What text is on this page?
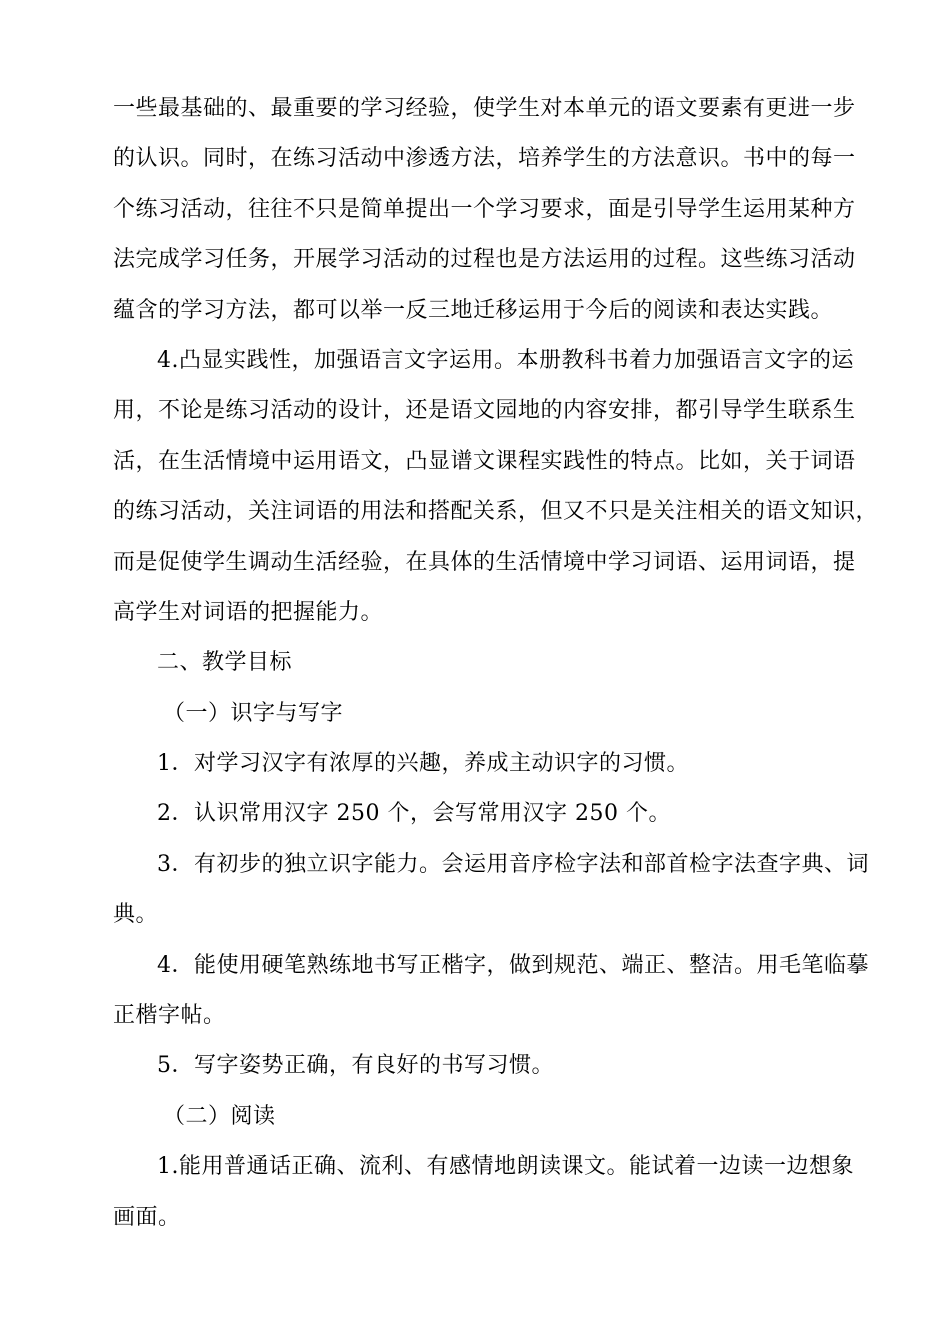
一些最基础的、最重要的学习经验，使学生对本单元的语文要素有更进一步
的认识。同时，在练习活动中渗透方法，培养学生的方法意识。书中的每一
个练习活动，往往不只是简单提出一个学习要求，面是引导学生运用某种方
法完成学习任务，开展学习活动的过程也是方法运用的过程。这些练习活动
蕴含的学习方法，都可以举一反三地迁移运用于今后的阅读和表达实践。
4.凸显实践性，加强语言文字运用。本册教科书着力加强语言文字的运
用，不论是练习活动的设计，还是语文园地的内容安排，都引导学生联系生
活，在生活情境中运用语文，凸显谱文课程实践性的特点。比如，关于词语
的练习活动，关注词语的用法和搭配关系，但又不只是关注相关的语文知识，
而是促使学生调动生活经验，在具体的生活情境中学习词语、运用词语，提
高学生对词语的把握能力。
二、教学目标
（一）识字与写字
1．对学习汉字有浓厚的兴趣，养成主动识字的习惯。
2．认识常用汉字 250 个，会写常用汉字 250 个。
3．有初步的独立识字能力。会运用音序检字法和部首检字法查字典、词
典。
4．能使用硬笔熟练地书写正楷字，做到规范、端正、整洁。用毛笔临摹
正楷字帖。
5．写字姿势正确，有良好的书写习惯。
（二）阅读
1.能用普通话正确、流利、有感情地朗读课文。能试着一边读一边想象
画面。
